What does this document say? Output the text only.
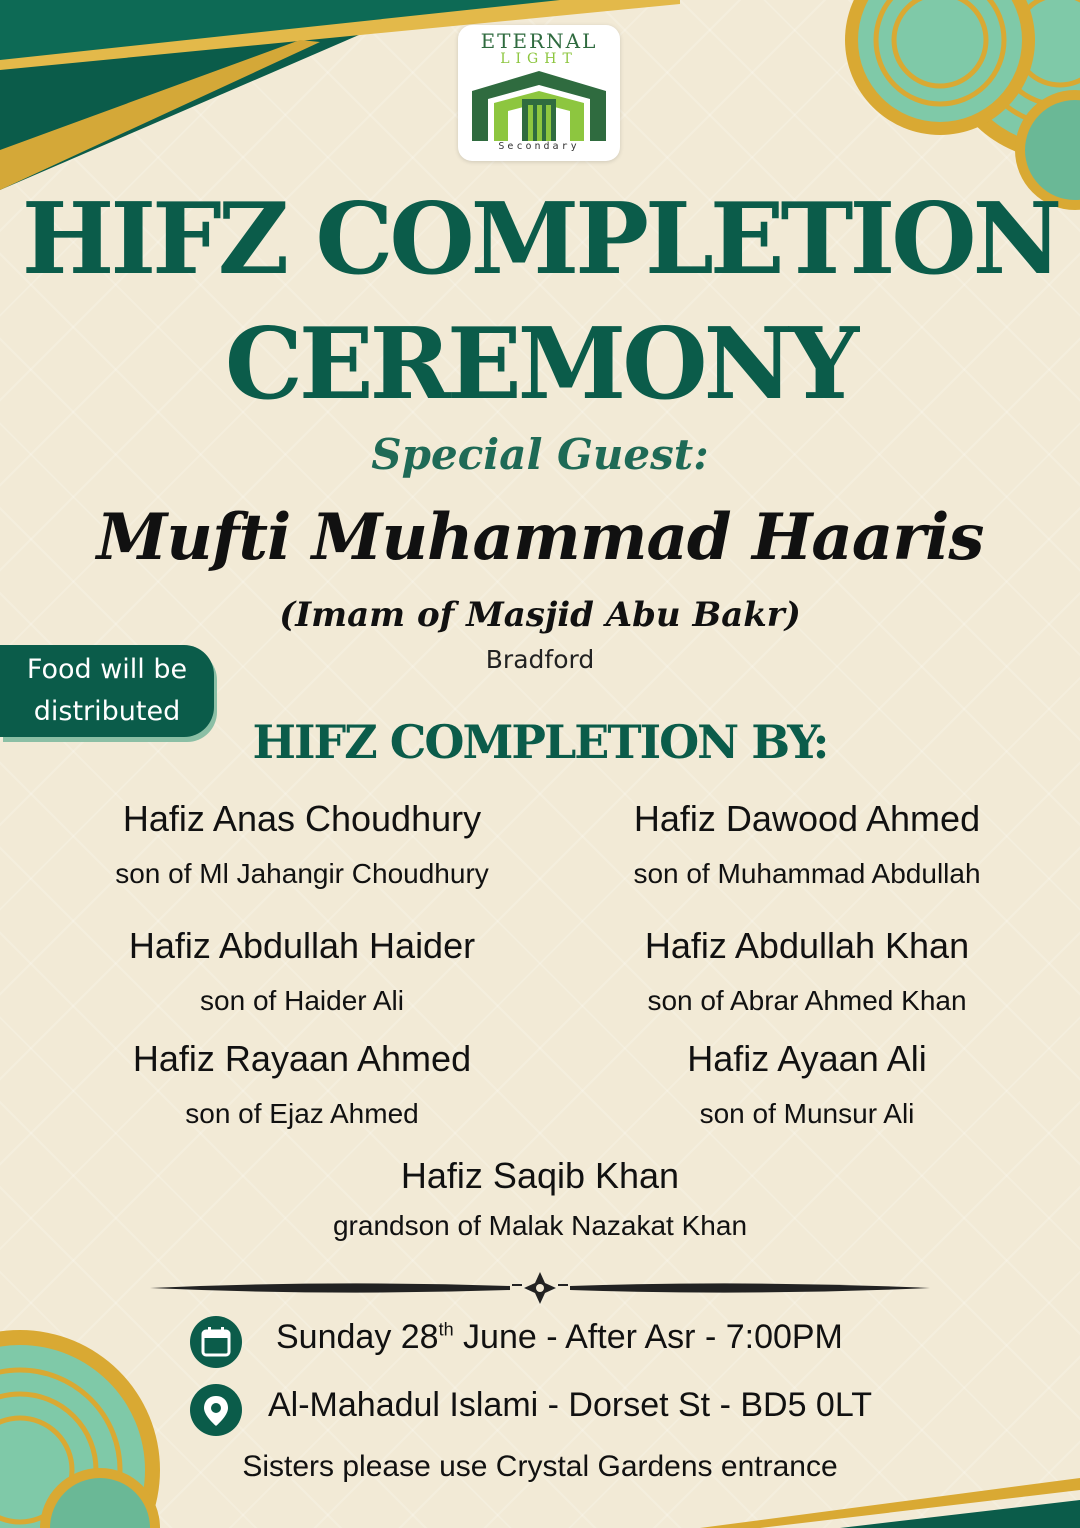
ETERNAL
LIGHT
Secondary
HIFZ COMPLETION
CEREMONY
Special Guest:
Mufti Muhammad Haaris
(Imam of Masjid Abu Bakr)
Bradford
Food will be
distributed
HIFZ COMPLETION BY:
Hafiz Anas Choudhury
son of Ml Jahangir Choudhury
Hafiz Dawood Ahmed
son of Muhammad Abdullah
Hafiz Abdullah Haider
son of Haider Ali
Hafiz Abdullah Khan
son of Abrar Ahmed Khan
Hafiz Rayaan Ahmed
son of Ejaz Ahmed
Hafiz Ayaan Ali
son of Munsur Ali
Hafiz Saqib Khan
grandson of Malak Nazakat Khan
Sunday 28th June - After Asr - 7:00PM
Al-Mahadul Islami - Dorset St - BD5 0LT
Sisters please use Crystal Gardens entrance
